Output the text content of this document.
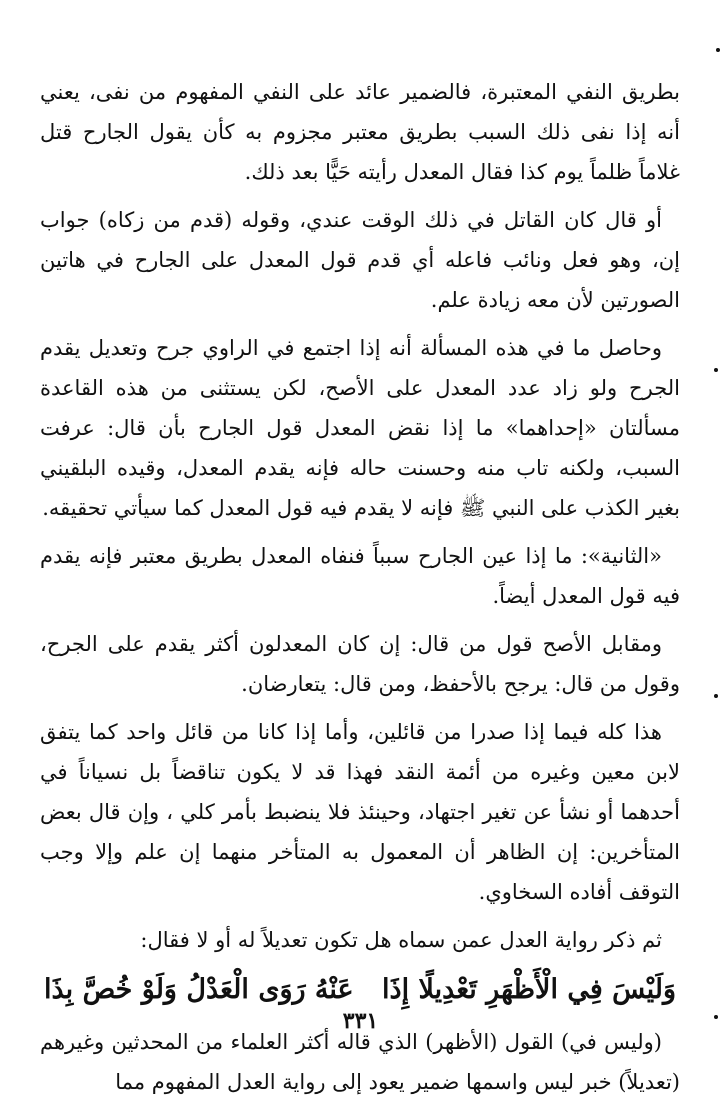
بطريق النفي المعتبرة، فالضمير عائد على النفي المفهوم من نفى، يعني أنه إذا نفى ذلك السبب بطريق معتبر مجزوم به كأن يقول الجارح قتل غلاماً ظلماً يوم كذا فقال المعدل رأيته حَيًّا بعد ذلك.

أو قال كان القاتل في ذلك الوقت عندي، وقوله (قدم من زكاه) جواب إن، وهو فعل ونائب فاعله أي قدم قول المعدل على الجارح في هاتين الصورتين لأن معه زيادة علم.

وحاصل ما في هذه المسألة أنه إذا اجتمع في الراوي جرح وتعديل يقدم الجرح ولو زاد عدد المعدل على الأصح، لكن يستثنى من هذه القاعدة مسألتان «إحداهما» ما إذا نقض المعدل قول الجارح بأن قال: عرفت السبب، ولكنه تاب منه وحسنت حاله فإنه يقدم المعدل، وقيده البلقيني بغير الكذب على النبي ﷺ فإنه لا يقدم فيه قول المعدل كما سيأتي تحقيقه.

«الثانية»: ما إذا عين الجارح سبباً فنفاه المعدل بطريق معتبر فإنه يقدم فيه قول المعدل أيضاً.

ومقابل الأصح قول من قال: إن كان المعدلون أكثر يقدم على الجرح، وقول من قال: يرجح بالأحفظ، ومن قال: يتعارضان.

هذا كله فيما إذا صدرا من قائلين، وأما إذا كانا من قائل واحد كما يتفق لابن معين وغيره من أئمة النقد فهذا قد لا يكون تناقضاً بل نسياناً في أحدهما أو نشأ عن تغير اجتهاد، وحينئذ فلا ينضبط بأمر كلي ، وإن قال بعض المتأخرين: إن الظاهر أن المعمول به المتأخر منهما إن علم وإلا وجب التوقف أفاده السخاوي.

ثم ذكر رواية العدل عمن سماه هل تكون تعديلاً له أو لا فقال:

وَلَيْسَ فِي الْأَظْهَرِ تَعْدِيلًا إِذَا
عَنْهُ رَوَى الْعَدْلُ وَلَوْ خُصَّ بِذَا

(وليس في) القول (الأظهر) الذي قاله أكثر العلماء من المحدثين وغيرهم (تعديلاً) خبر ليس واسمها ضمير يعود إلى رواية العدل المفهوم مما

٣٣١
